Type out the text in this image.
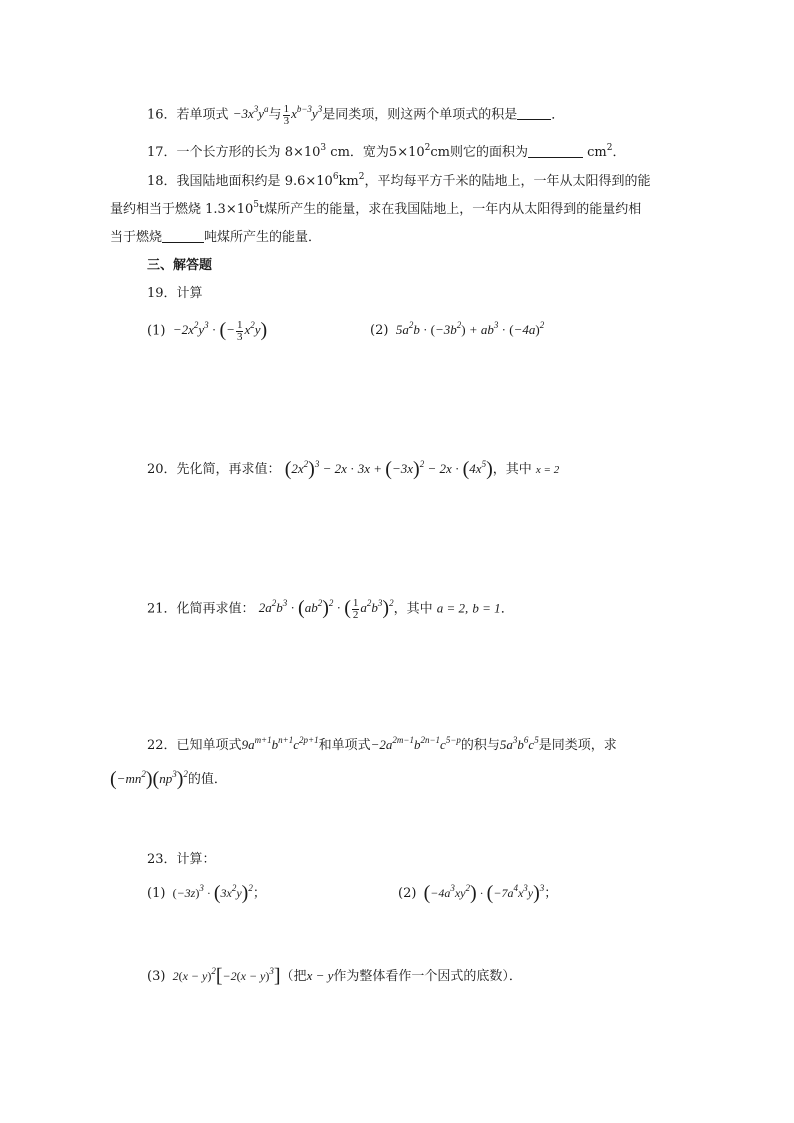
16．若单项式 $-3x^3y^a$与 $\frac{1}{3} x^{b-3}y^3$是同类项，则这两个单项式的积是	．
17．一个长方形的长为 $8\times 10^3$ cm．宽为$5\times 10^2cm$则它的面积为	$cm^2$．
18．我国陆地面积约是 $9.6\times 10^6km^2$，平均每平方千米的陆地上，一年从太阳得到的能
量约相当于燃烧 $1.3\times 10^5t$煤所产生的能量，求在我国陆地上，一年内从太阳得到的能量约相
当于燃烧	吨煤所产生的能量．
三、解答题
19．计算
$(1) -2x^2y^3$ · (− $\frac{1}{3} x^2y$)	(2)  $5a^2b \cdot (-3b^2) + ab^3 \cdot (-4a)^2$
20．先化简，再求值： $(2x^2)^3 - 2x \cdot 3x + (-3x)^2 - 2x \cdot (4x^5)$，其中 x = 2
21．化简再求值： $2a^2b^3 \cdot (ab^2)^2$ · ( $\frac{1}{2} a^2b^3)^2$，其中 a = 2, b = 1．
22．已知单项式$9a^{m+1}b^{n+1}c^{2p+1}$和单项式$-2a^{2m-1}b^{2n-1}c^{5-p}$的积与$5a^3b^6c^5$是同类项，求
$(-mn^2)(np^3)^2$的值．
23．计算：
(1) $(-3z)^3 \cdot (3x^2y)^2$；	(2) $(-4a^3xy^2) \cdot (-7a^4x^3y)^3$；
(3)  $2(x - y)^2[-2(x - y)^3]$（把x − y作为整体看作一个因式的底数）．
